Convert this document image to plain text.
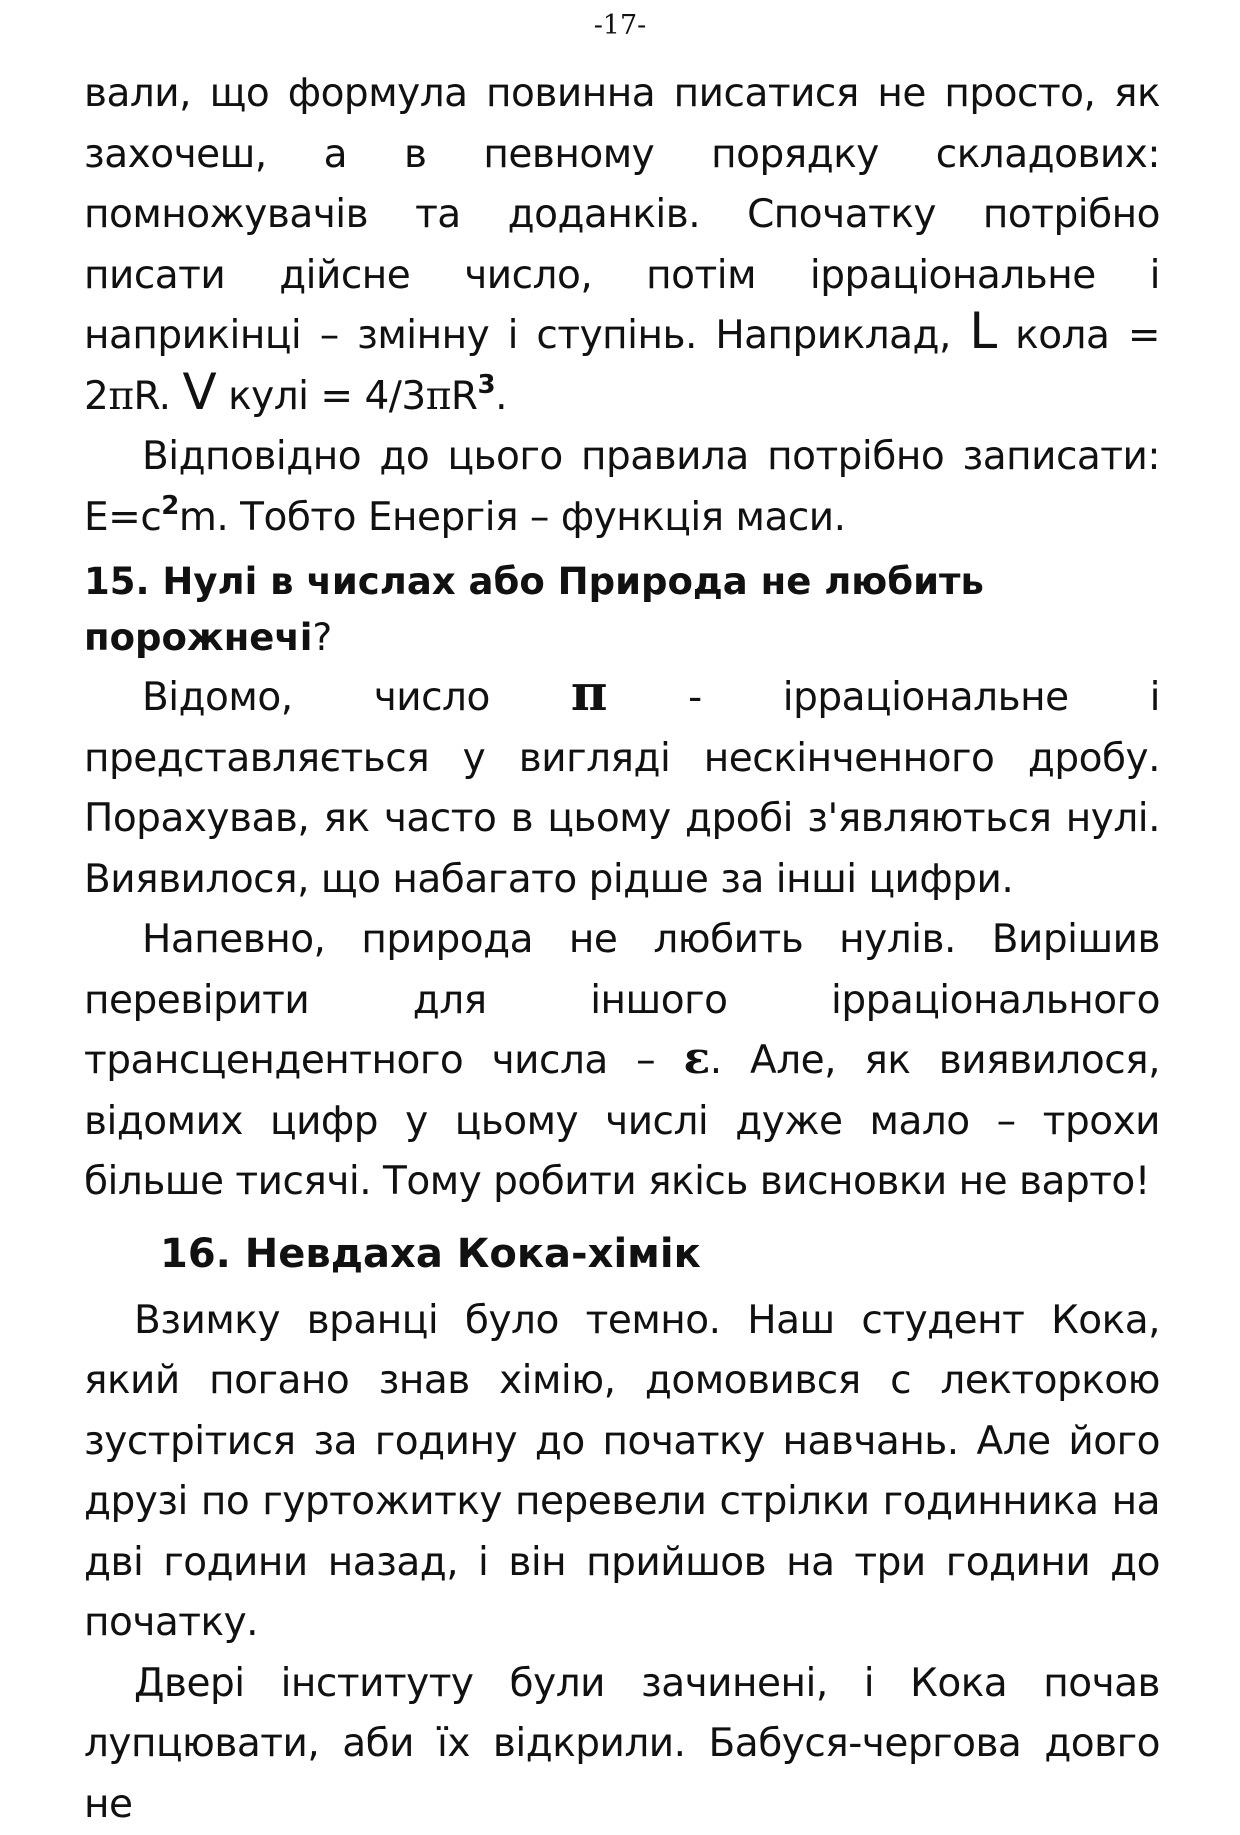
-17-

вали, що формула повинна писатися не просто, як захочеш, а в певному порядку складових: помножувачів та доданків. Спочатку потрібно писати дійсне число, потім ірраціональне і наприкінці – змінну і ступінь. Наприклад, L кола = 2πR. V кулі = $4/3\pi R^3$.

Відповідно до цього правила потрібно записати: $E=c^2m$. Тобто Енергія – функція маси.

15. Нулі в числах або Природа не любить порожнечі?

Відомо, число π - ірраціональне і представляється у вигляді нескінченного дробу. Порахував, як часто в цьому дробі з'являються нулі. Виявилося, що набагато рідше за інші цифри.

Напевно, природа не любить нулів. Вирішив перевірити для іншого ірраціонального трансцендентного числа – ε. Але, як виявилося, відомих цифр у цьому числі дуже мало – трохи більше тисячі. Тому робити якісь висновки не варто!

16. Невдаха Кока-хімік

Взимку вранці було темно. Наш студент Кока, який погано знав хімію, домовився с лекторкою зустрітися за годину до початку навчань. Але його друзі по гуртожитку перевели стрілки годинника на дві години назад, і він прийшов на три години до початку.

Двері інституту були зачинені, і Кока почав лупцювати, аби їх відкрили. Бабуся-чергова довго не
